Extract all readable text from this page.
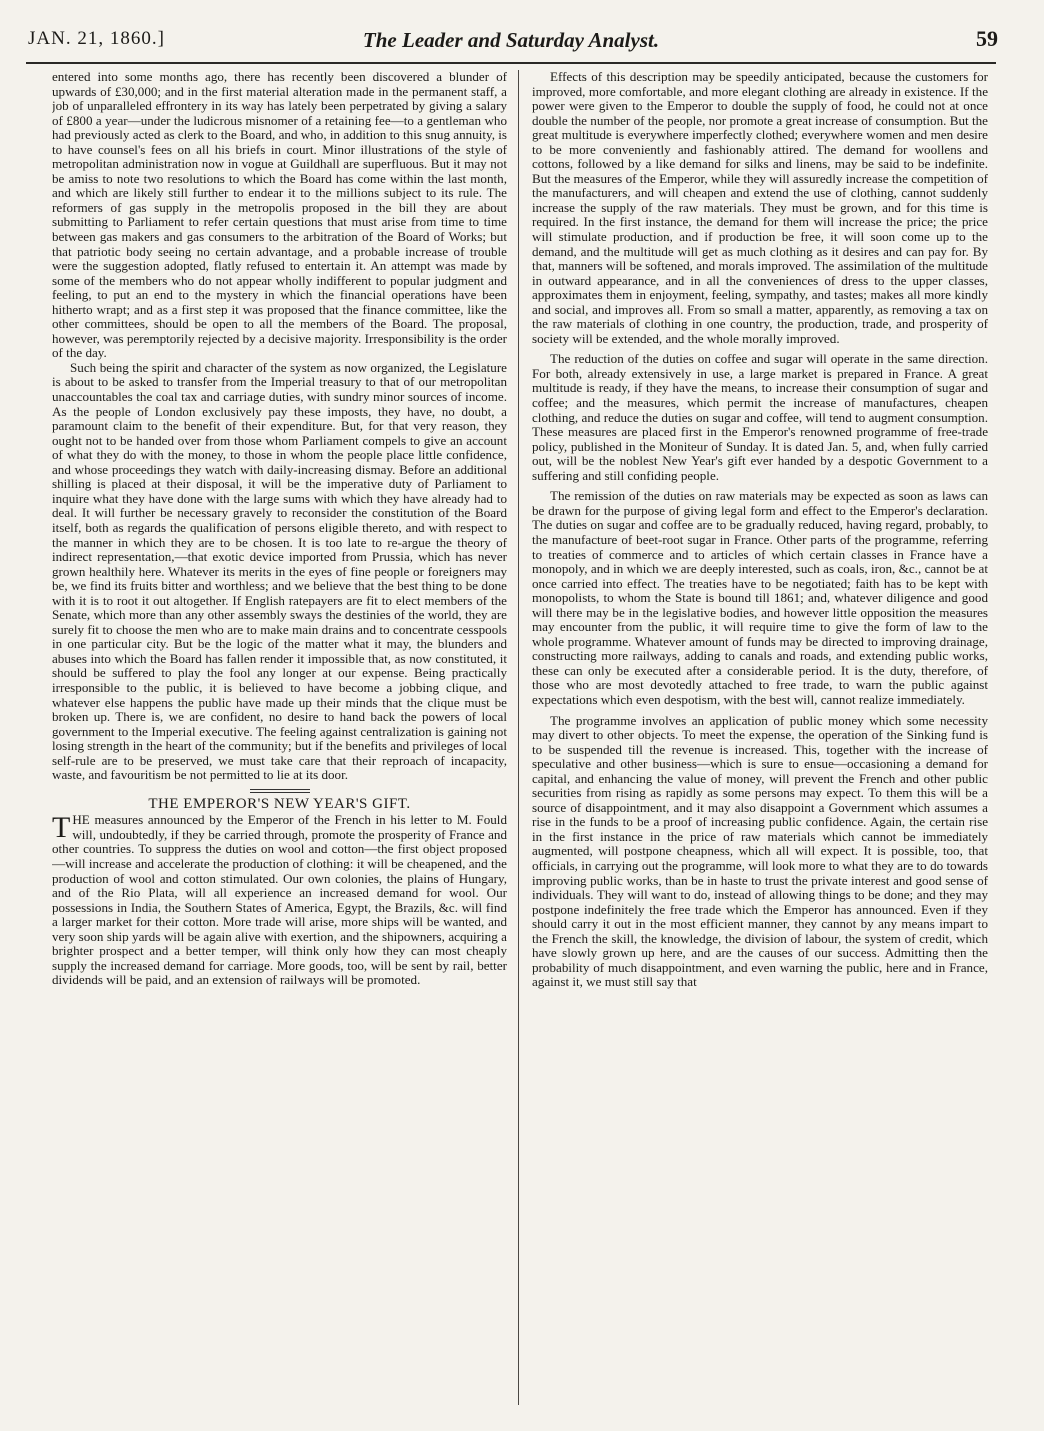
JAN. 21, 1860.]	The Leader and Saturday Analyst.	59

entered into some months ago, there has recently been discovered a blunder of upwards of £30,000; and in the first material alteration made in the permanent staff, a job of unparalleled effrontery in its way has lately been perpetrated by giving a salary of £800 a year—under the ludicrous misnomer of a retaining fee—to a gentleman who had previously acted as clerk to the Board, and who, in addition to this snug annuity, is to have counsel's fees on all his briefs in court. Minor illustrations of the style of metropolitan administration now in vogue at Guildhall are superfluous. But it may not be amiss to note two resolutions to which the Board has come within the last month, and which are likely still further to endear it to the millions subject to its rule. The reformers of gas supply in the metropolis proposed in the bill they are about submitting to Parliament to refer certain questions that must arise from time to time between gas makers and gas consumers to the arbitration of the Board of Works; but that patriotic body seeing no certain advantage, and a probable increase of trouble were the suggestion adopted, flatly refused to entertain it. An attempt was made by some of the members who do not appear wholly indifferent to popular judgment and feeling, to put an end to the mystery in which the financial operations have been hitherto wrapt; and as a first step it was proposed that the finance committee, like the other committees, should be open to all the members of the Board. The proposal, however, was peremptorily rejected by a decisive majority. Irresponsibility is the order of the day.

Such being the spirit and character of the system as now organized, the Legislature is about to be asked to transfer from the Imperial treasury to that of our metropolitan unaccountables the coal tax and carriage duties, with sundry minor sources of income. As the people of London exclusively pay these imposts, they have, no doubt, a paramount claim to the benefit of their expenditure. But, for that very reason, they ought not to be handed over from those whom Parliament compels to give an account of what they do with the money, to those in whom the people place little confidence, and whose proceedings they watch with daily-increasing dismay. Before an additional shilling is placed at their disposal, it will be the imperative duty of Parliament to inquire what they have done with the large sums with which they have already had to deal. It will further be necessary gravely to reconsider the constitution of the Board itself, both as regards the qualification of persons eligible thereto, and with respect to the manner in which they are to be chosen. It is too late to re-argue the theory of indirect representation,—that exotic device imported from Prussia, which has never grown healthily here. Whatever its merits in the eyes of fine people or foreigners may be, we find its fruits bitter and worthless; and we believe that the best thing to be done with it is to root it out altogether. If English ratepayers are fit to elect members of the Senate, which more than any other assembly sways the destinies of the world, they are surely fit to choose the men who are to make main drains and to concentrate cesspools in one particular city. But be the logic of the matter what it may, the blunders and abuses into which the Board has fallen render it impossible that, as now constituted, it should be suffered to play the fool any longer at our expense. Being practically irresponsible to the public, it is believed to have become a jobbing clique, and whatever else happens the public have made up their minds that the clique must be broken up. There is, we are confident, no desire to hand back the powers of local government to the Imperial executive. The feeling against centralization is gaining not losing strength in the heart of the community; but if the benefits and privileges of local self-rule are to be preserved, we must take care that their reproach of incapacity, waste, and favouritism be not permitted to lie at its door.

THE EMPEROR'S NEW YEAR'S GIFT.

THE measures announced by the Emperor of the French in his letter to M. Fould will, undoubtedly, if they be carried through, promote the prosperity of France and other countries. To suppress the duties on wool and cotton—the first object proposed—will increase and accelerate the production of clothing: it will be cheapened, and the production of wool and cotton stimulated. Our own colonies, the plains of Hungary, and of the Rio Plata, will all experience an increased demand for wool. Our possessions in India, the Southern States of America, Egypt, the Brazils, &c. will find a larger market for their cotton. More trade will arise, more ships will be wanted, and very soon ship yards will be again alive with exertion, and the shipowners, acquiring a brighter prospect and a better temper, will think only how they can most cheaply supply the increased demand for carriage. More goods, too, will be sent by rail, better dividends will be paid, and an extension of railways will be promoted.

Effects of this description may be speedily anticipated, because the customers for improved, more comfortable, and more elegant clothing are already in existence. If the power were given to the Emperor to double the supply of food, he could not at once double the number of the people, nor promote a great increase of consumption. But the great multitude is everywhere imperfectly clothed; everywhere women and men desire to be more conveniently and fashionably attired. The demand for woollens and cottons, followed by a like demand for silks and linens, may be said to be indefinite. But the measures of the Emperor, while they will assuredly increase the competition of the manufacturers, and will cheapen and extend the use of clothing, cannot suddenly increase the supply of the raw materials. They must be grown, and for this time is required. In the first instance, the demand for them will increase the price; the price will stimulate production, and if production be free, it will soon come up to the demand, and the multitude will get as much clothing as it desires and can pay for. By that, manners will be softened, and morals improved. The assimilation of the multitude in outward appearance, and in all the conveniences of dress to the upper classes, approximates them in enjoyment, feeling, sympathy, and tastes; makes all more kindly and social, and improves all. From so small a matter, apparently, as removing a tax on the raw materials of clothing in one country, the production, trade, and prosperity of society will be extended, and the whole morally improved.

The reduction of the duties on coffee and sugar will operate in the same direction. For both, already extensively in use, a large market is prepared in France. A great multitude is ready, if they have the means, to increase their consumption of sugar and coffee; and the measures, which permit the increase of manufactures, cheapen clothing, and reduce the duties on sugar and coffee, will tend to augment consumption. These measures are placed first in the Emperor's renowned programme of free-trade policy, published in the Moniteur of Sunday. It is dated Jan. 5, and, when fully carried out, will be the noblest New Year's gift ever handed by a despotic Government to a suffering and still confiding people.

The remission of the duties on raw materials may be expected as soon as laws can be drawn for the purpose of giving legal form and effect to the Emperor's declaration. The duties on sugar and coffee are to be gradually reduced, having regard, probably, to the manufacture of beet-root sugar in France. Other parts of the programme, referring to treaties of commerce and to articles of which certain classes in France have a monopoly, and in which we are deeply interested, such as coals, iron, &c., cannot be at once carried into effect. The treaties have to be negotiated; faith has to be kept with monopolists, to whom the State is bound till 1861; and, whatever diligence and good will there may be in the legislative bodies, and however little opposition the measures may encounter from the public, it will require time to give the form of law to the whole programme. Whatever amount of funds may be directed to improving drainage, constructing more railways, adding to canals and roads, and extending public works, these can only be executed after a considerable period. It is the duty, therefore, of those who are most devotedly attached to free trade, to warn the public against expectations which even despotism, with the best will, cannot realize immediately.

The programme involves an application of public money which some necessity may divert to other objects. To meet the expense, the operation of the Sinking fund is to be suspended till the revenue is increased. This, together with the increase of speculative and other business—which is sure to ensue—occasioning a demand for capital, and enhancing the value of money, will prevent the French and other public securities from rising as rapidly as some persons may expect. To them this will be a source of disappointment, and it may also disappoint a Government which assumes a rise in the funds to be a proof of increasing public confidence. Again, the certain rise in the first instance in the price of raw materials which cannot be immediately augmented, will postpone cheapness, which all will expect. It is possible, too, that officials, in carrying out the programme, will look more to what they are to do towards improving public works, than be in haste to trust the private interest and good sense of individuals. They will want to do, instead of allowing things to be done; and they may postpone indefinitely the free trade which the Emperor has announced. Even if they should carry it out in the most efficient manner, they cannot by any means impart to the French the skill, the knowledge, the division of labour, the system of credit, which have slowly grown up here, and are the causes of our success. Admitting then the probability of much disappointment, and even warning the public, here and in France, against it, we must still say that
